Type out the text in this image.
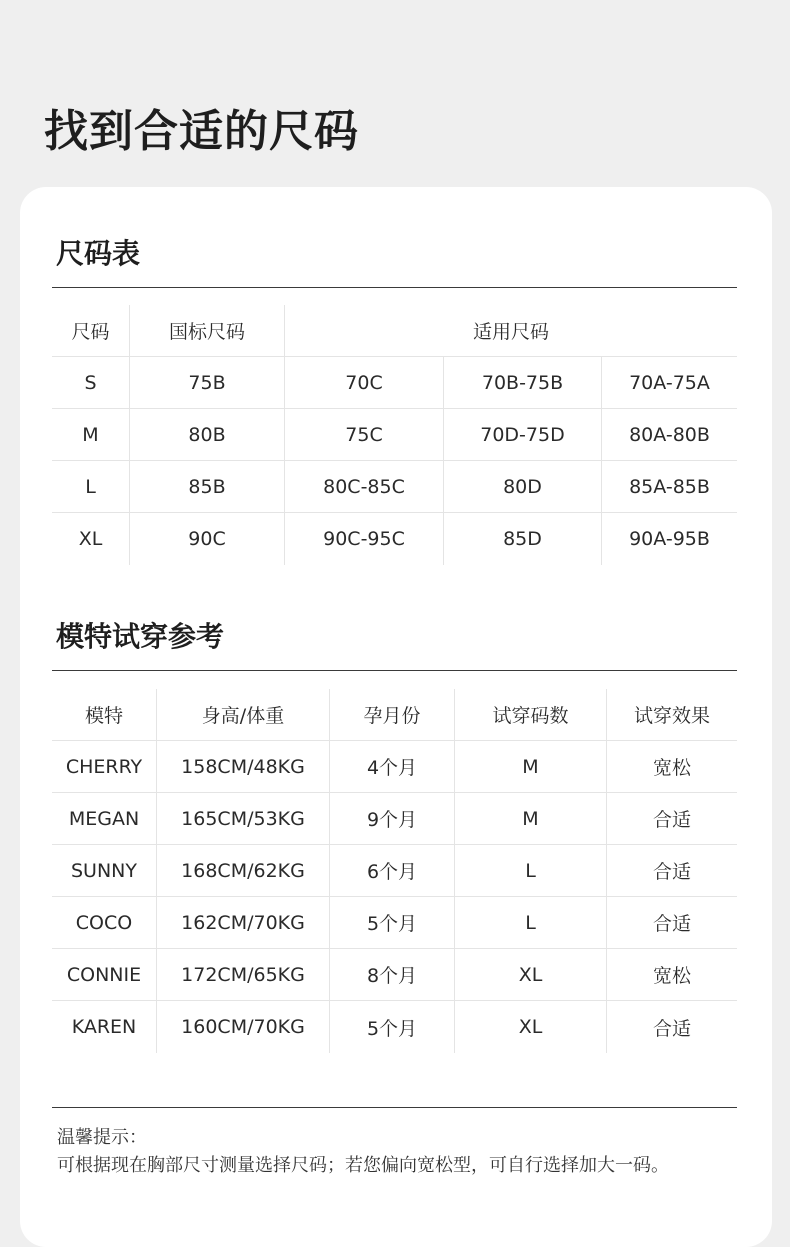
找到合适的尺码
尺码表
尺码	国标尺码	适用尺码
S	75B	70C	70B-75B	70A-75A
M	80B	75C	70D-75D	80A-80B
L	85B	80C-85C	80D	85A-85B
XL	90C	90C-95C	85D	90A-95B
模特试穿参考
模特	身高/体重	孕月份	试穿码数	试穿效果
CHERRY	158CM/48KG	4个月	M	宽松
MEGAN	165CM/53KG	9个月	M	合适
SUNNY	168CM/62KG	6个月	L	合适
COCO	162CM/70KG	5个月	L	合适
CONNIE	172CM/65KG	8个月	XL	宽松
KAREN	160CM/70KG	5个月	XL	合适
温馨提示：
可根据现在胸部尺寸测量选择尺码；若您偏向宽松型，可自行选择加大一码。
